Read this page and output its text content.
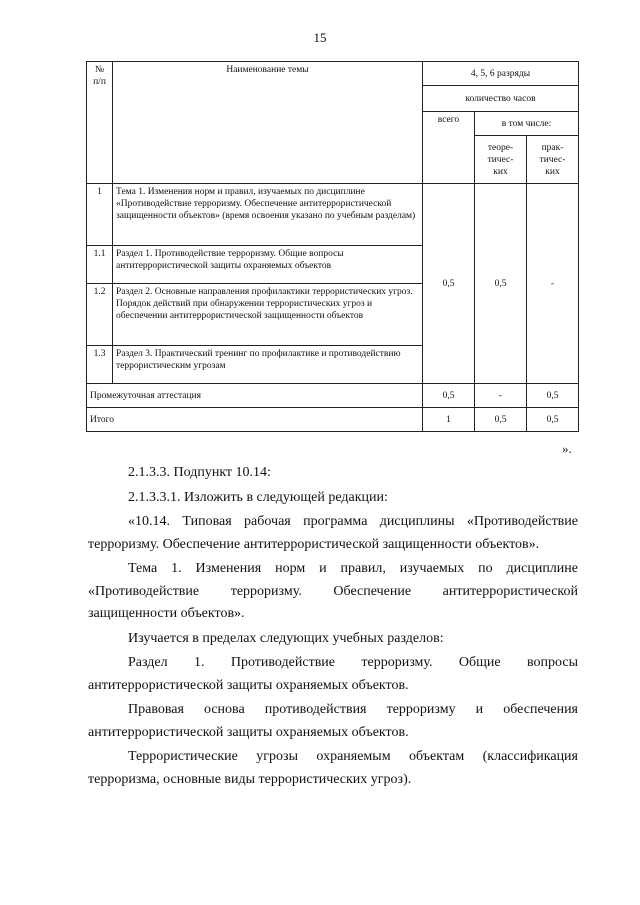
15
№
п/п	Наименование темы	4, 5, 6 разряды		
		количество часов		
		всего	в том числе:	
			теоре-
тичес-
ких	прак-
тичес-
ких
1	Тема 1. Изменения норм и правил, изучаемых по дисциплине «Противодействие терроризму. Обеспечение антитеррористической защищенности объектов» (время освоения указано по учебным разделам)	0,5	0,5	-
1.1	Раздел 1. Противодействие терроризму. Общие вопросы антитеррористической защиты охраняемых объектов			
1.2	Раздел 2. Основные направления профилактики террористических угроз. Порядок действий при обнаружении террористических угроз и обеспечении антитеррористической защищенности объектов			
1.3	Раздел 3. Практический тренинг по профилактике и противодействию террористическим угрозам			
Промежуточная аттестация		0,5	-	0,5
Итого		1	0,5	0,5
».

2.1.3.3. Подпункт 10.14:

2.1.3.3.1. Изложить в следующей редакции:

«10.14. Типовая рабочая программа дисциплины «Противодействие терроризму. Обеспечение антитеррористической защищенности объектов».

Тема 1. Изменения норм и правил, изучаемых по дисциплине «Противодействие терроризму. Обеспечение антитеррористической защищенности объектов».

Изучается в пределах следующих учебных разделов:

Раздел 1. Противодействие терроризму. Общие вопросы антитеррористической защиты охраняемых объектов.

Правовая основа противодействия терроризму и обеспечения антитеррористической защиты охраняемых объектов.

Террористические угрозы охраняемым объектам (классификация терроризма, основные виды террористических угроз).
